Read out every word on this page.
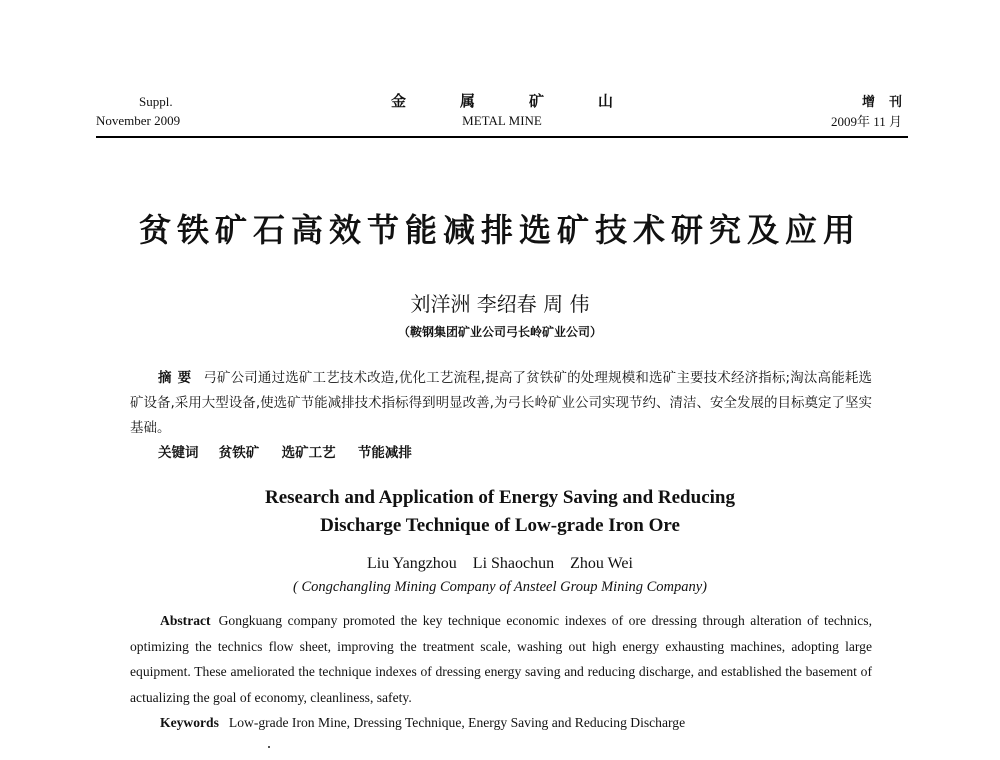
Suppl.
November 2009
金属矿山
METAL MINE
增刊
2009年 11 月
贫铁矿石高效节能减排选矿技术研究及应用
刘洋洲 李绍春 周 伟
（鞍钢集团矿业公司弓长岭矿业公司）
摘要 弓矿公司通过选矿工艺技术改造,优化工艺流程,提高了贫铁矿的处理规模和选矿主要技术经济指标;淘汰高能耗选矿设备,采用大型设备,使选矿节能减排技术指标得到明显改善,为弓长岭矿业公司实现节约、清洁、安全发展的目标奠定了坚实基础。
关键词 贫铁矿 选矿工艺 节能减排
Research and Application of Energy Saving and Reducing
Discharge Technique of Low-grade Iron Ore
Liu Yangzhou Li Shaochun Zhou Wei
( Congchangling Mining Company of Ansteel Group Mining Company)
Abstract Gongkuang company promoted the key technique economic indexes of ore dressing through alteration of technics, optimizing the technics flow sheet, improving the treatment scale, washing out high energy exhausting machines, adopting large equipment. These ameliorated the technique indexes of dressing energy saving and reducing discharge, and established the basement of actualizing the goal of economy, cleanliness, safety.
Keywords Low-grade Iron Mine, Dressing Technique, Energy Saving and Reducing Discharge
